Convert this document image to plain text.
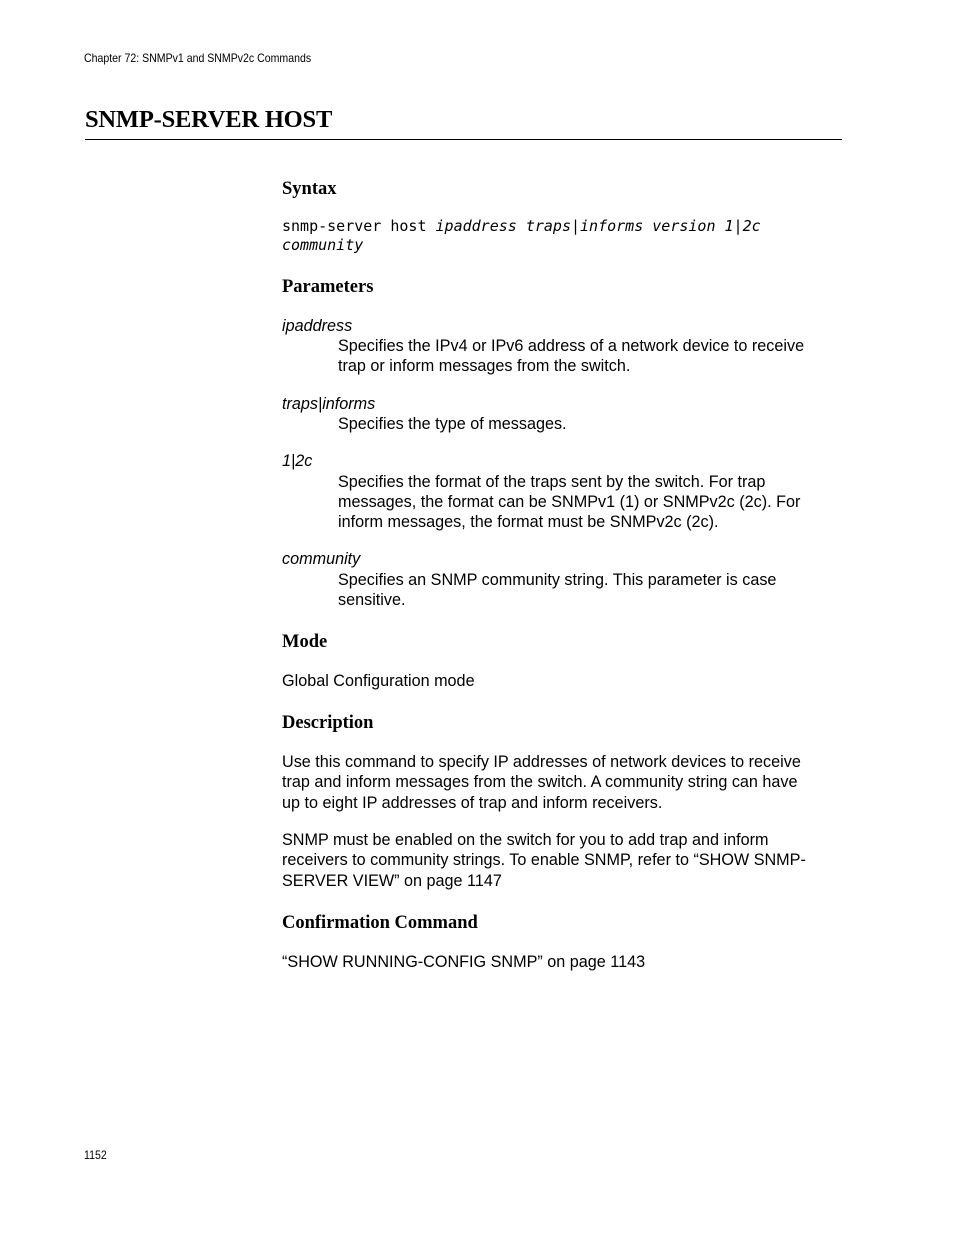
Chapter 72: SNMPv1 and SNMPv2c Commands
SNMP-SERVER HOST
Syntax
snmp-server host ipaddress traps|informs version 1|2c
community
Parameters
ipaddress
Specifies the IPv4 or IPv6 address of a network device to receive
trap or inform messages from the switch.
traps|informs
Specifies the type of messages.
1|2c
Specifies the format of the traps sent by the switch. For trap
messages, the format can be SNMPv1 (1) or SNMPv2c (2c). For
inform messages, the format must be SNMPv2c (2c).
community
Specifies an SNMP community string. This parameter is case
sensitive.
Mode
Global Configuration mode
Description
Use this command to specify IP addresses of network devices to receive
trap and inform messages from the switch. A community string can have
up to eight IP addresses of trap and inform receivers.
SNMP must be enabled on the switch for you to add trap and inform
receivers to community strings. To enable SNMP, refer to “SHOW SNMP-
SERVER VIEW” on page 1147
Confirmation Command
“SHOW RUNNING-CONFIG SNMP” on page 1143
1152
